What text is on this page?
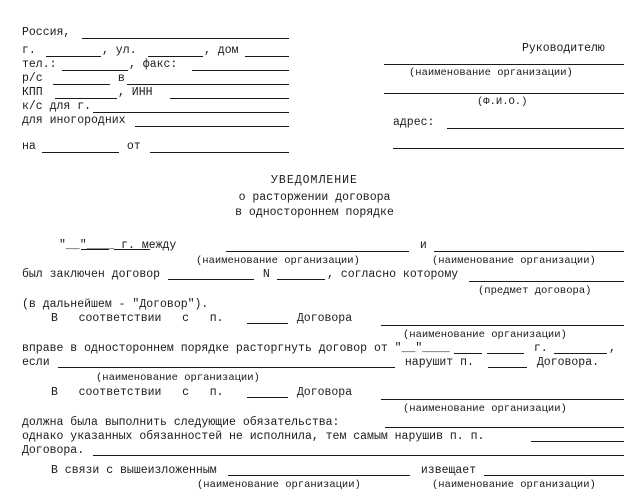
Россия,
г.	, ул.	, дом
тел.:	, факс:
р/с	в
КПП	, ИНН
к/с для г.
для иногородних
на	от
Руководителю
(наименование организации)
(Ф.И.О.)
адрес:
УВЕДОМЛЕНИЕ
о расторжении договора
в одностороннем порядке
"__"____ г. между	и
(наименование организации)	(наименование организации)
был заключен договор	N	, согласно которому
(предмет договора)
(в дальнейшем - "Договор").
В   соответствии   с   п.	Договора
(наименование организации)
вправе в одностороннем порядке расторгнуть договор от "__"____	г.	,
если	нарушит п.	Договора.
(наименование организации)
В   соответствии   с   п.	Договора
(наименование организации)
должна была выполнить следующие обязательства:
однако указанных обязанностей не исполнила, тем самым нарушив п. п.
Договора.
В связи с вышеизложенным	извещает
(наименование организации)	(наименование организации)
